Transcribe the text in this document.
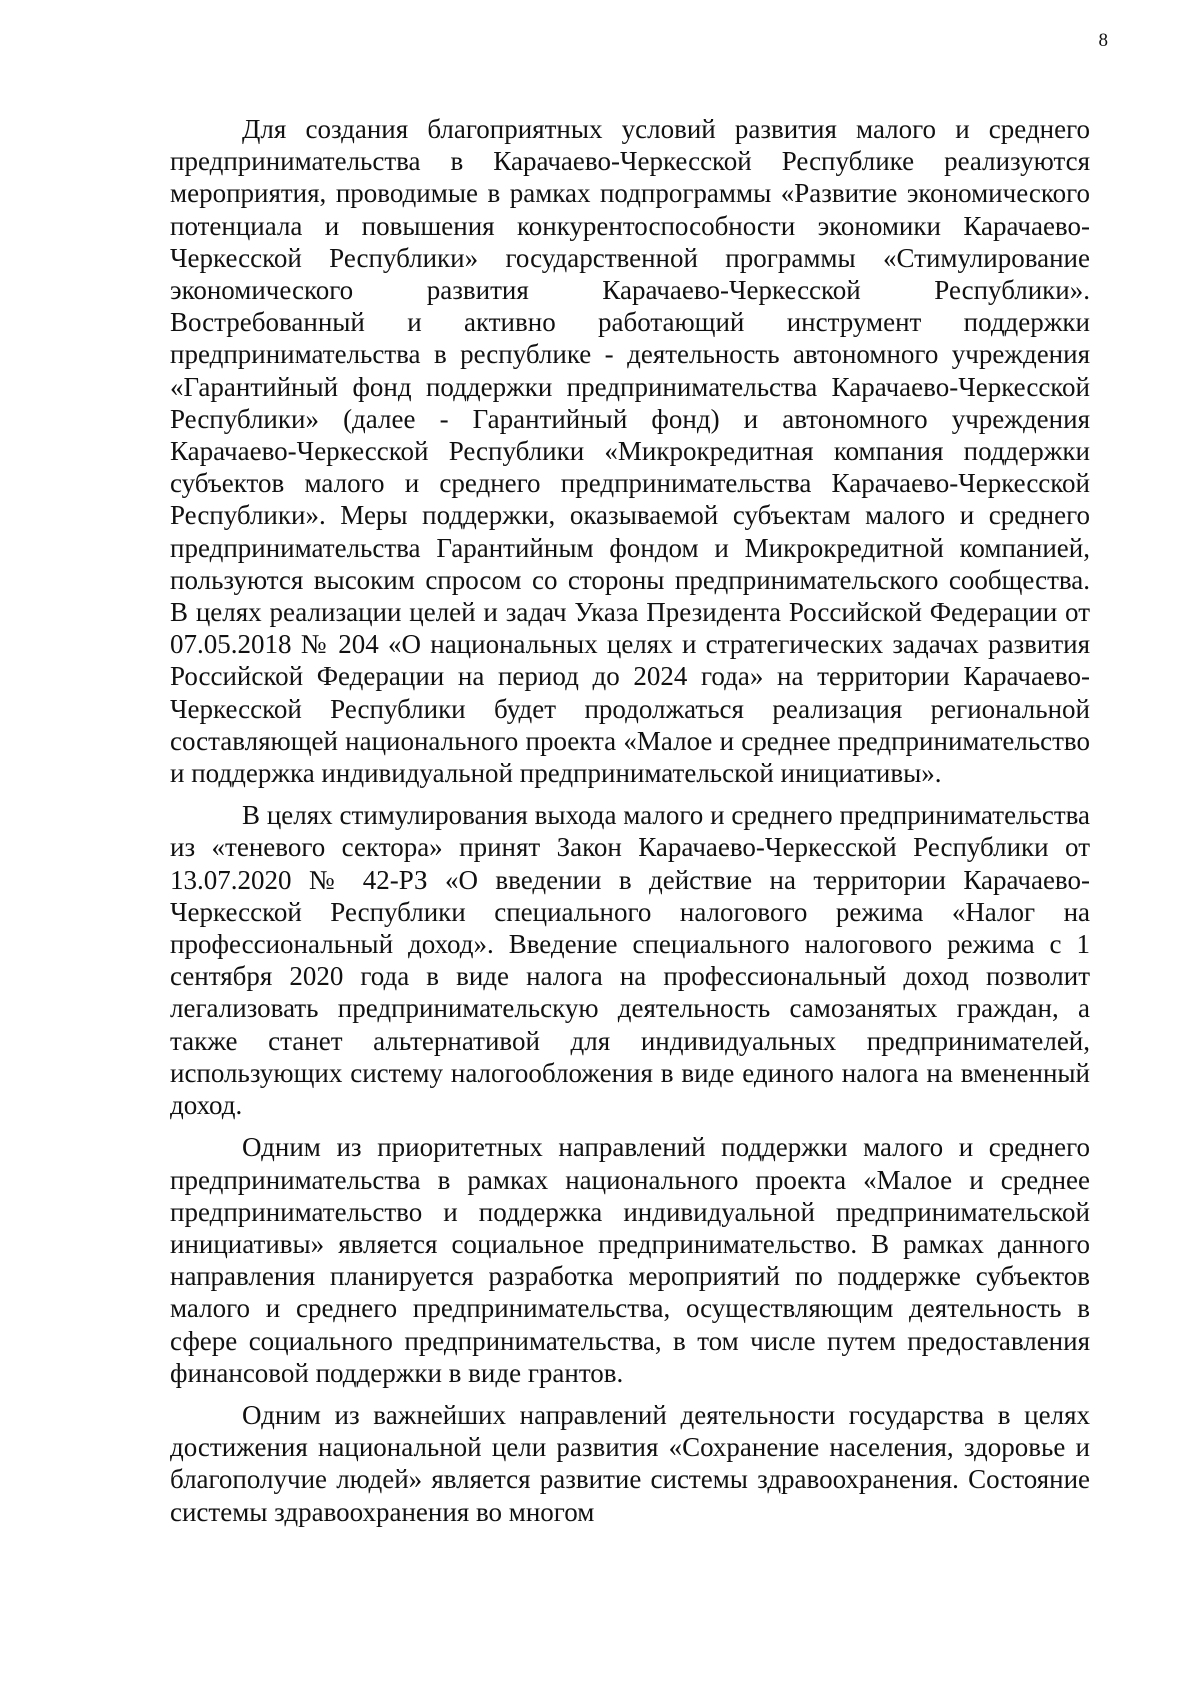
8

Для создания благоприятных условий развития малого и среднего предпринимательства в Карачаево-Черкесской Республике реализуются мероприятия, проводимые в рамках подпрограммы «Развитие экономического потенциала и повышения конкурентоспособности экономики Карачаево-Черкесской Республики» государственной программы «Стимулирование экономического развития Карачаево-Черкесской Республики». Востребованный и активно работающий инструмент поддержки предпринимательства в республике - деятельность автономного учреждения «Гарантийный фонд поддержки предпринимательства Карачаево-Черкесской Республики» (далее - Гарантийный фонд) и автономного учреждения Карачаево-Черкесской Республики «Микрокредитная компания поддержки субъектов малого и среднего предпринимательства Карачаево-Черкесской Республики». Меры поддержки, оказываемой субъектам малого и среднего предпринимательства Гарантийным фондом и Микрокредитной компанией, пользуются высоким спросом со стороны предпринимательского сообщества. В целях реализации целей и задач Указа Президента Российской Федерации от 07.05.2018 № 204 «О национальных целях и стратегических задачах развития Российской Федерации на период до 2024 года» на территории Карачаево-Черкесской Республики будет продолжаться реализация региональной составляющей национального проекта «Малое и среднее предпринимательство и поддержка индивидуальной предпринимательской инициативы».

В целях стимулирования выхода малого и среднего предпринимательства из «теневого сектора» принят Закон Карачаево-Черкесской Республики от 13.07.2020 № 42-РЗ «О введении в действие на территории Карачаево-Черкесской Республики специального налогового режима «Налог на профессиональный доход». Введение специального налогового режима с 1 сентября 2020 года в виде налога на профессиональный доход позволит легализовать предпринимательскую деятельность самозанятых граждан, а также станет альтернативой для индивидуальных предпринимателей, использующих систему налогообложения в виде единого налога на вмененный доход.

Одним из приоритетных направлений поддержки малого и среднего предпринимательства в рамках национального проекта «Малое и среднее предпринимательство и поддержка индивидуальной предпринимательской инициативы» является социальное предпринимательство. В рамках данного направления планируется разработка мероприятий по поддержке субъектов малого и среднего предпринимательства, осуществляющим деятельность в сфере социального предпринимательства, в том числе путем предоставления финансовой поддержки в виде грантов.

Одним из важнейших направлений деятельности государства в целях достижения национальной цели развития «Сохранение населения, здоровье и благополучие людей» является развитие системы здравоохранения. Состояние системы здравоохранения во многом
